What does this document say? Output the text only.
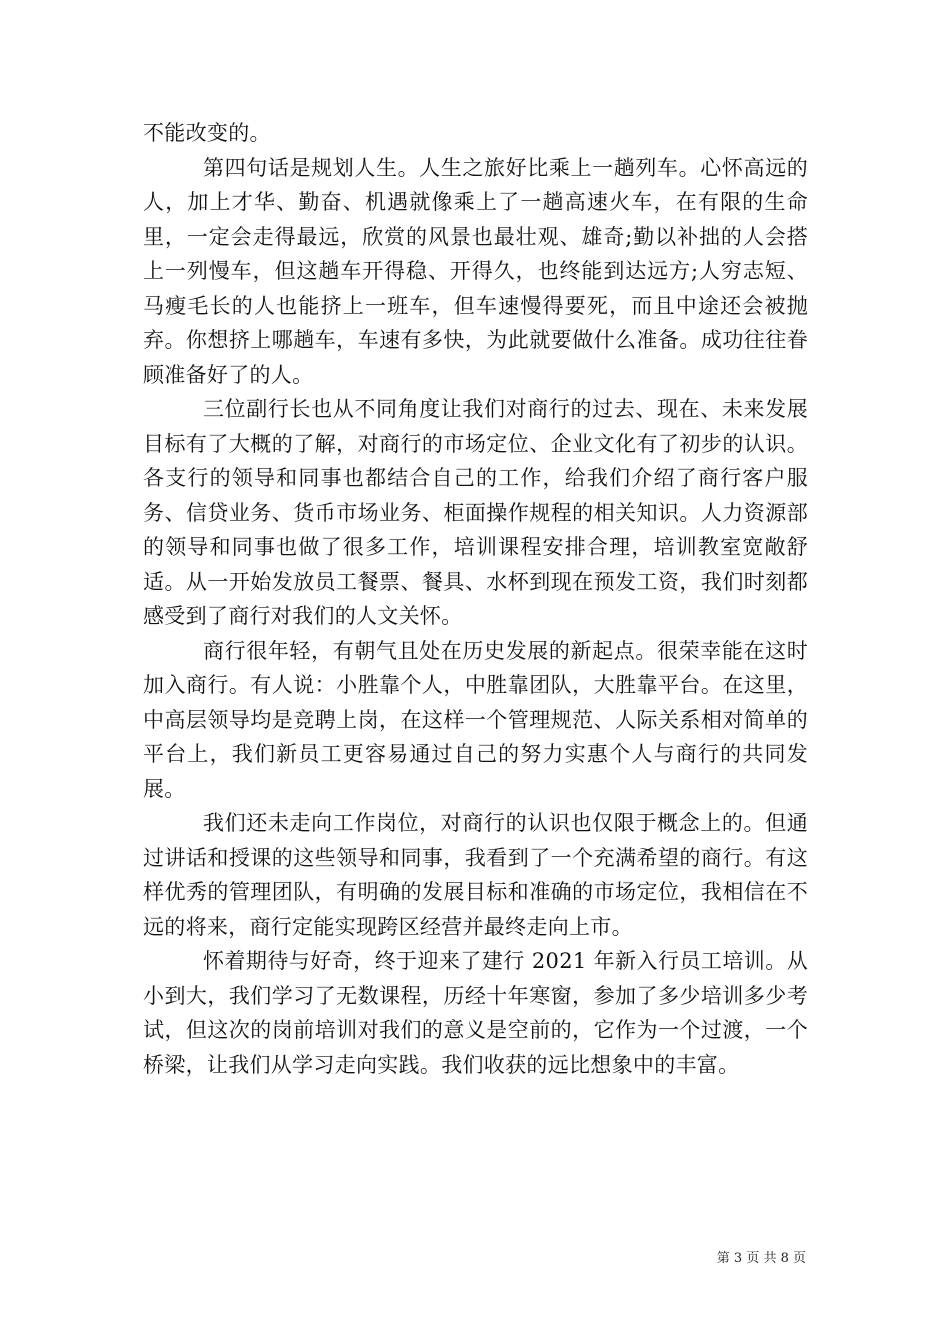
不能改变的。

第四句话是规划人生。人生之旅好比乘上一趟列车。心怀高远的人，加上才华、勤奋、机遇就像乘上了一趟高速火车，在有限的生命里，一定会走得最远，欣赏的风景也最壮观、雄奇;勤以补拙的人会搭上一列慢车，但这趟车开得稳、开得久，也终能到达远方;人穷志短、马瘦毛长的人也能挤上一班车，但车速慢得要死，而且中途还会被抛弃。你想挤上哪趟车，车速有多快，为此就要做什么准备。成功往往眷顾准备好了的人。

三位副行长也从不同角度让我们对商行的过去、现在、未来发展目标有了大概的了解，对商行的市场定位、企业文化有了初步的认识。各支行的领导和同事也都结合自己的工作，给我们介绍了商行客户服务、信贷业务、货币市场业务、柜面操作规程的相关知识。人力资源部的领导和同事也做了很多工作，培训课程安排合理，培训教室宽敞舒适。从一开始发放员工餐票、餐具、水杯到现在预发工资，我们时刻都感受到了商行对我们的人文关怀。

商行很年轻，有朝气且处在历史发展的新起点。很荣幸能在这时加入商行。有人说：小胜靠个人，中胜靠团队，大胜靠平台。在这里，中高层领导均是竞聘上岗，在这样一个管理规范、人际关系相对简单的平台上，我们新员工更容易通过自己的努力实惠个人与商行的共同发展。

我们还未走向工作岗位，对商行的认识也仅限于概念上的。但通过讲话和授课的这些领导和同事，我看到了一个充满希望的商行。有这样优秀的管理团队，有明确的发展目标和准确的市场定位，我相信在不远的将来，商行定能实现跨区经营并最终走向上市。

怀着期待与好奇，终于迎来了建行 2021 年新入行员工培训。从小到大，我们学习了无数课程，历经十年寒窗，参加了多少培训多少考试，但这次的岗前培训对我们的意义是空前的，它作为一个过渡，一个桥梁，让我们从学习走向实践。我们收获的远比想象中的丰富。

第 3 页 共 8 页
